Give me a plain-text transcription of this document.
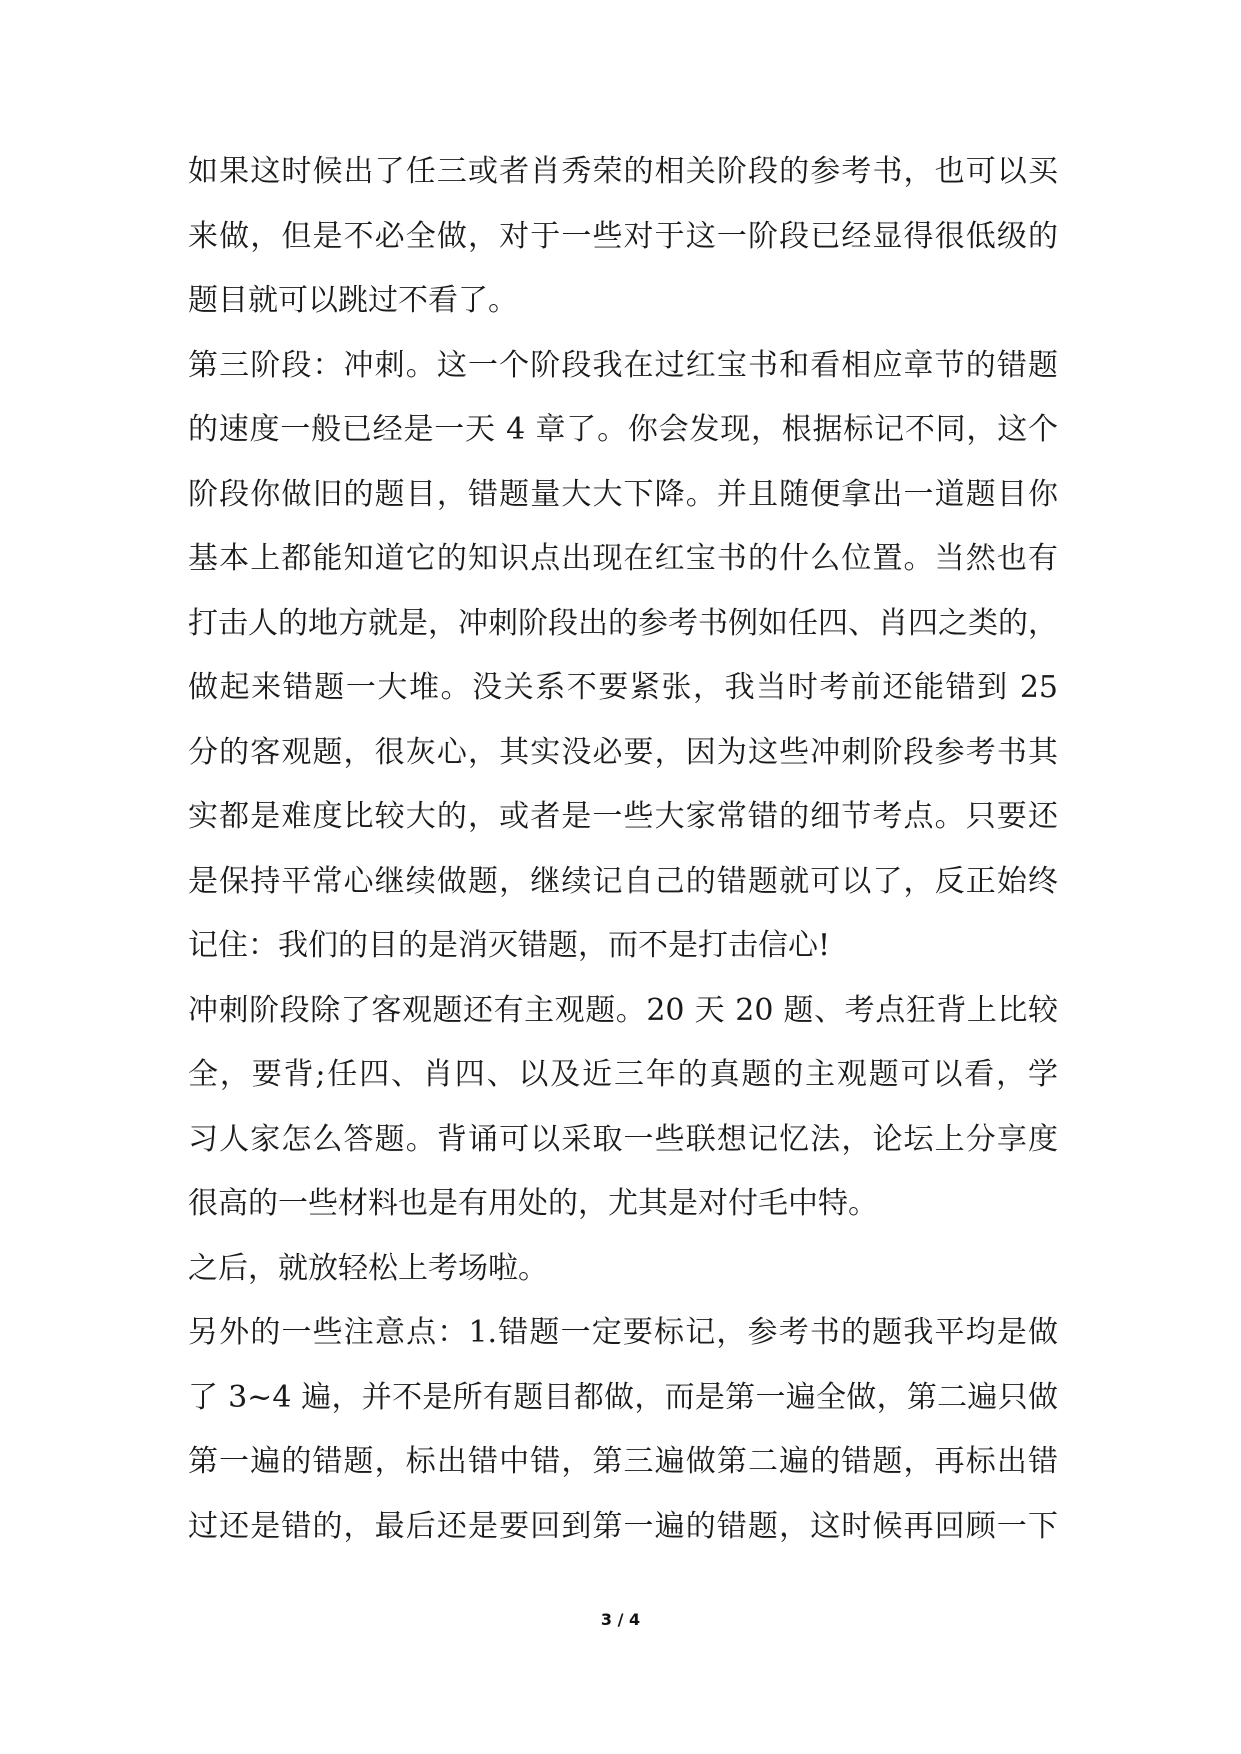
如果这时候出了任三或者肖秀荣的相关阶段的参考书，也可以买
来做，但是不必全做，对于一些对于这一阶段已经显得很低级的
题目就可以跳过不看了。
第三阶段：冲刺。这一个阶段我在过红宝书和看相应章节的错题
的速度一般已经是一天 4 章了。你会发现，根据标记不同，这个
阶段你做旧的题目，错题量大大下降。并且随便拿出一道题目你
基本上都能知道它的知识点出现在红宝书的什么位置。当然也有
打击人的地方就是，冲刺阶段出的参考书例如任四、肖四之类的，
做起来错题一大堆。没关系不要紧张，我当时考前还能错到 25
分的客观题，很灰心，其实没必要，因为这些冲刺阶段参考书其
实都是难度比较大的，或者是一些大家常错的细节考点。只要还
是保持平常心继续做题，继续记自己的错题就可以了，反正始终
记住：我们的目的是消灭错题，而不是打击信心!
冲刺阶段除了客观题还有主观题。20 天 20 题、考点狂背上比较
全，要背;任四、肖四、以及近三年的真题的主观题可以看，学
习人家怎么答题。背诵可以采取一些联想记忆法，论坛上分享度
很高的一些材料也是有用处的，尤其是对付毛中特。
之后，就放轻松上考场啦。
另外的一些注意点：1.错题一定要标记，参考书的题我平均是做
了 3~4 遍，并不是所有题目都做，而是第一遍全做，第二遍只做
第一遍的错题，标出错中错，第三遍做第二遍的错题，再标出错
过还是错的，最后还是要回到第一遍的错题，这时候再回顾一下
3 / 4
